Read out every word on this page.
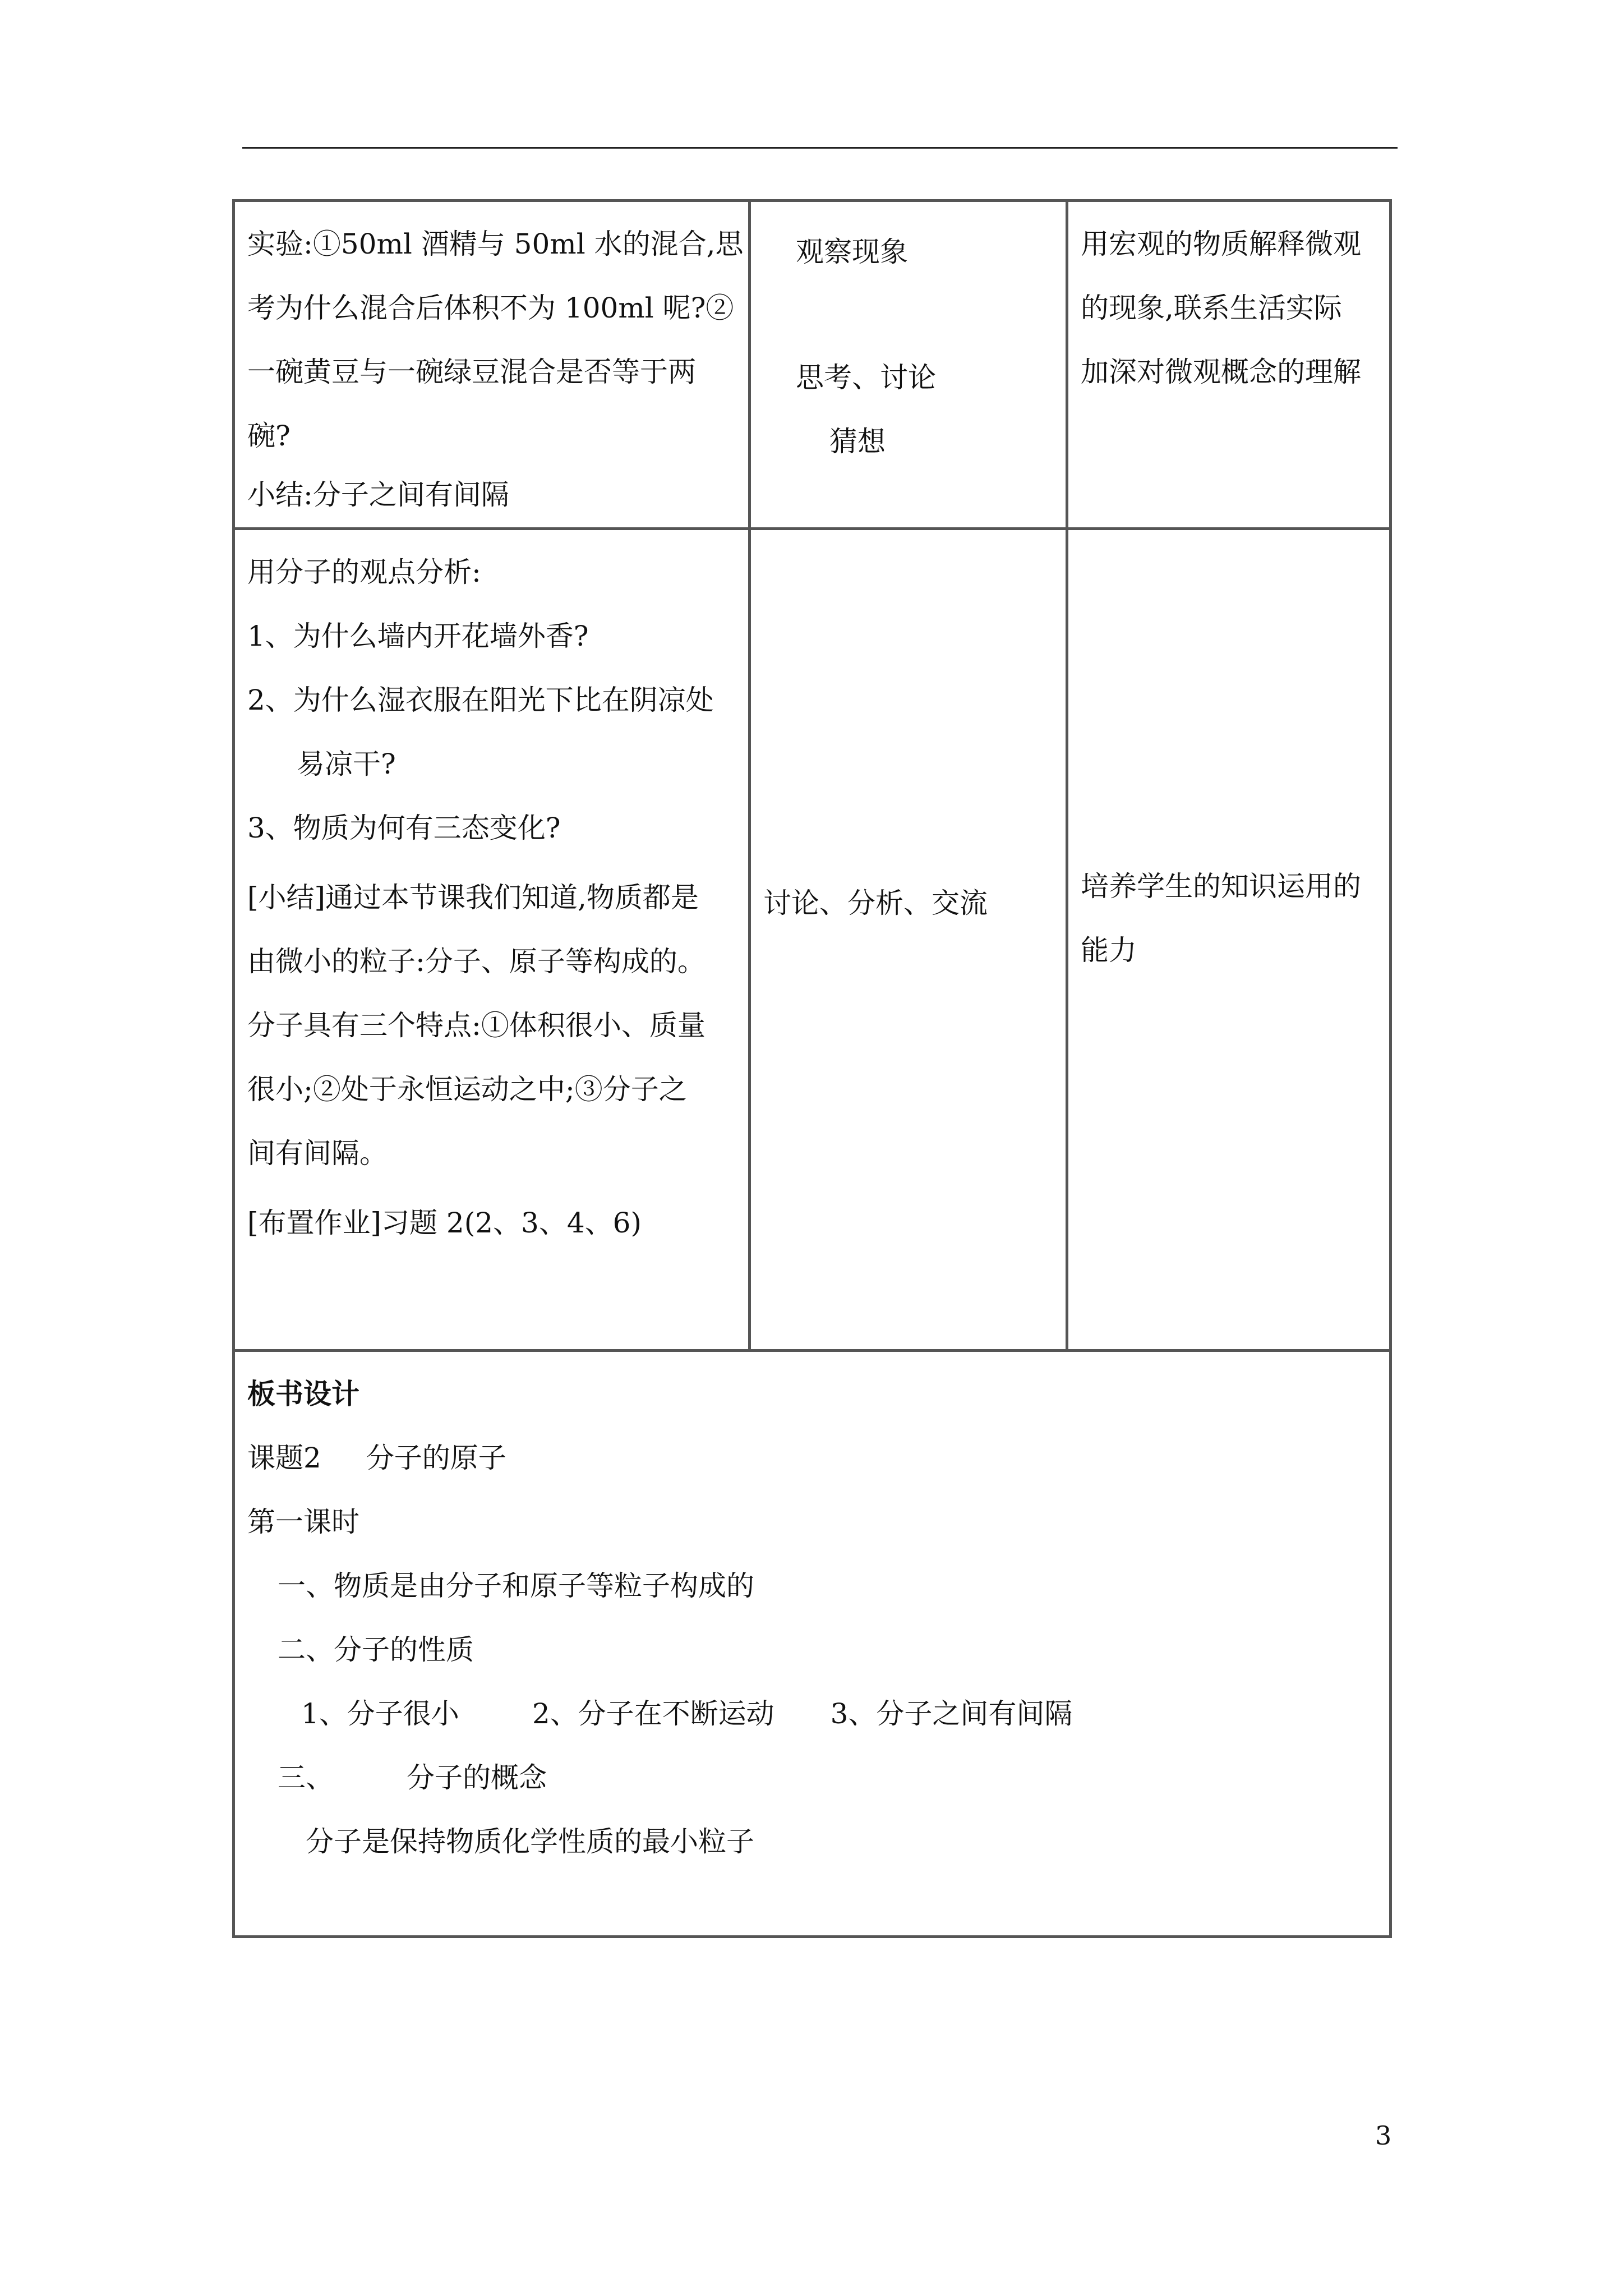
实验:①50ml 酒精与 50ml 水的混合,思
考为什么混合后体积不为 100ml 呢?②
一碗黄豆与一碗绿豆混合是否等于两
碗?
小结:分子之间有间隔
观察现象
思考、讨论
猜想
用宏观的物质解释微观
的现象,联系生活实际
加深对微观概念的理解
用分子的观点分析:
1、为什么墙内开花墙外香?
2、为什么湿衣服在阳光下比在阴凉处
易凉干?
3、物质为何有三态变化?
[小结]通过本节课我们知道,物质都是
由微小的粒子:分子、原子等构成的。
分子具有三个特点:①体积很小、质量
很小;②处于永恒运动之中;③分子之
间有间隔。
[布置作业]习题 2(2、3、4、6)
讨论、分析、交流
培养学生的知识运用的
能力
板书设计
课题2 分子的原子
第一课时
一、物质是由分子和原子等粒子构成的
二、分子的性质
1、分子很小	2、分子在不断运动 3、分子之间有间隔
三、	分子的概念
分子是保持物质化学性质的最小粒子
3
